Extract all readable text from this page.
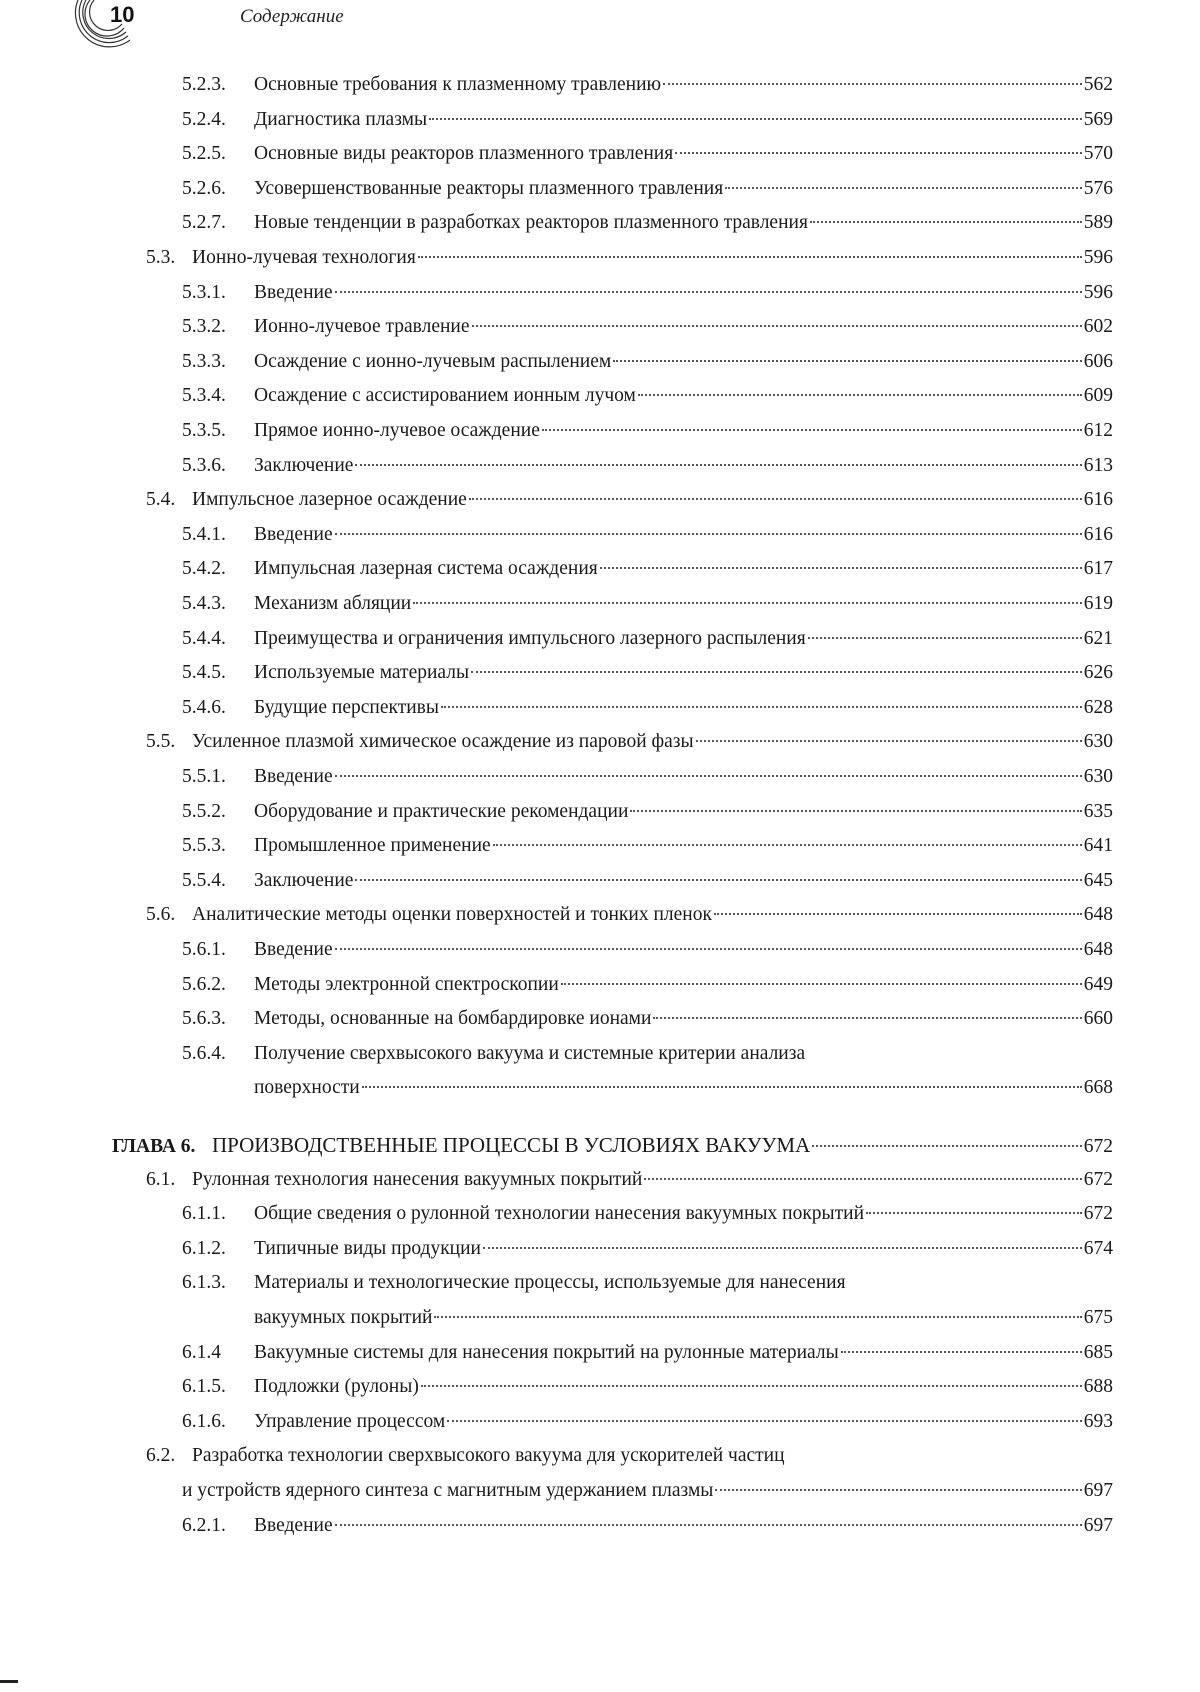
10	Содержание
5.2.3.	Основные требования к плазменному травлению	562
5.2.4.	Диагностика плазмы	569
5.2.5.	Основные виды реакторов плазменного травления	570
5.2.6.	Усовершенствованные реакторы плазменного травления	576
5.2.7.	Новые тенденции в разработках реакторов плазменного травления	589
5.3. Ионно-лучевая технология	596
5.3.1.	Введение	596
5.3.2.	Ионно-лучевое травление	602
5.3.3.	Осаждение с ионно-лучевым распылением	606
5.3.4.	Осаждение с ассистированием ионным лучом	609
5.3.5.	Прямое ионно-лучевое осаждение	612
5.3.6.	Заключение	613
5.4. Импульсное лазерное осаждение	616
5.4.1.	Введение	616
5.4.2.	Импульсная лазерная система осаждения	617
5.4.3.	Механизм абляции	619
5.4.4.	Преимущества и ограничения импульсного лазерного распыления	621
5.4.5.	Используемые материалы	626
5.4.6.	Будущие перспективы	628
5.5. Усиленное плазмой химическое осаждение из паровой фазы	630
5.5.1.	Введение	630
5.5.2.	Оборудование и практические рекомендации	635
5.5.3.	Промышленное применение	641
5.5.4.	Заключение	645
5.6. Аналитические методы оценки поверхностей и тонких пленок	648
5.6.1.	Введение	648
5.6.2.	Методы электронной спектроскопии	649
5.6.3.	Методы, основанные на бомбардировке ионами	660
5.6.4.	Получение сверхвысокого вакуума и системные критерии анализа
поверхности	668
ГЛАВА 6. ПРОИЗВОДСТВЕННЫЕ ПРОЦЕССЫ В УСЛОВИЯХ ВАКУУМА	672
6.1. Рулонная технология нанесения вакуумных покрытий	672
6.1.1.	Общие сведения о рулонной технологии нанесения вакуумных покрытий	672
6.1.2.	Типичные виды продукции	674
6.1.3.	Материалы и технологические процессы, используемые для нанесения
вакуумных покрытий	675
6.1.4	Вакуумные системы для нанесения покрытий на рулонные материалы	685
6.1.5.	Подложки (рулоны)	688
6.1.6.	Управление процессом	693
6.2. Разработка технологии сверхвысокого вакуума для ускорителей частиц
и устройств ядерного синтеза с магнитным удержанием плазмы	697
6.2.1.	Введение	697
